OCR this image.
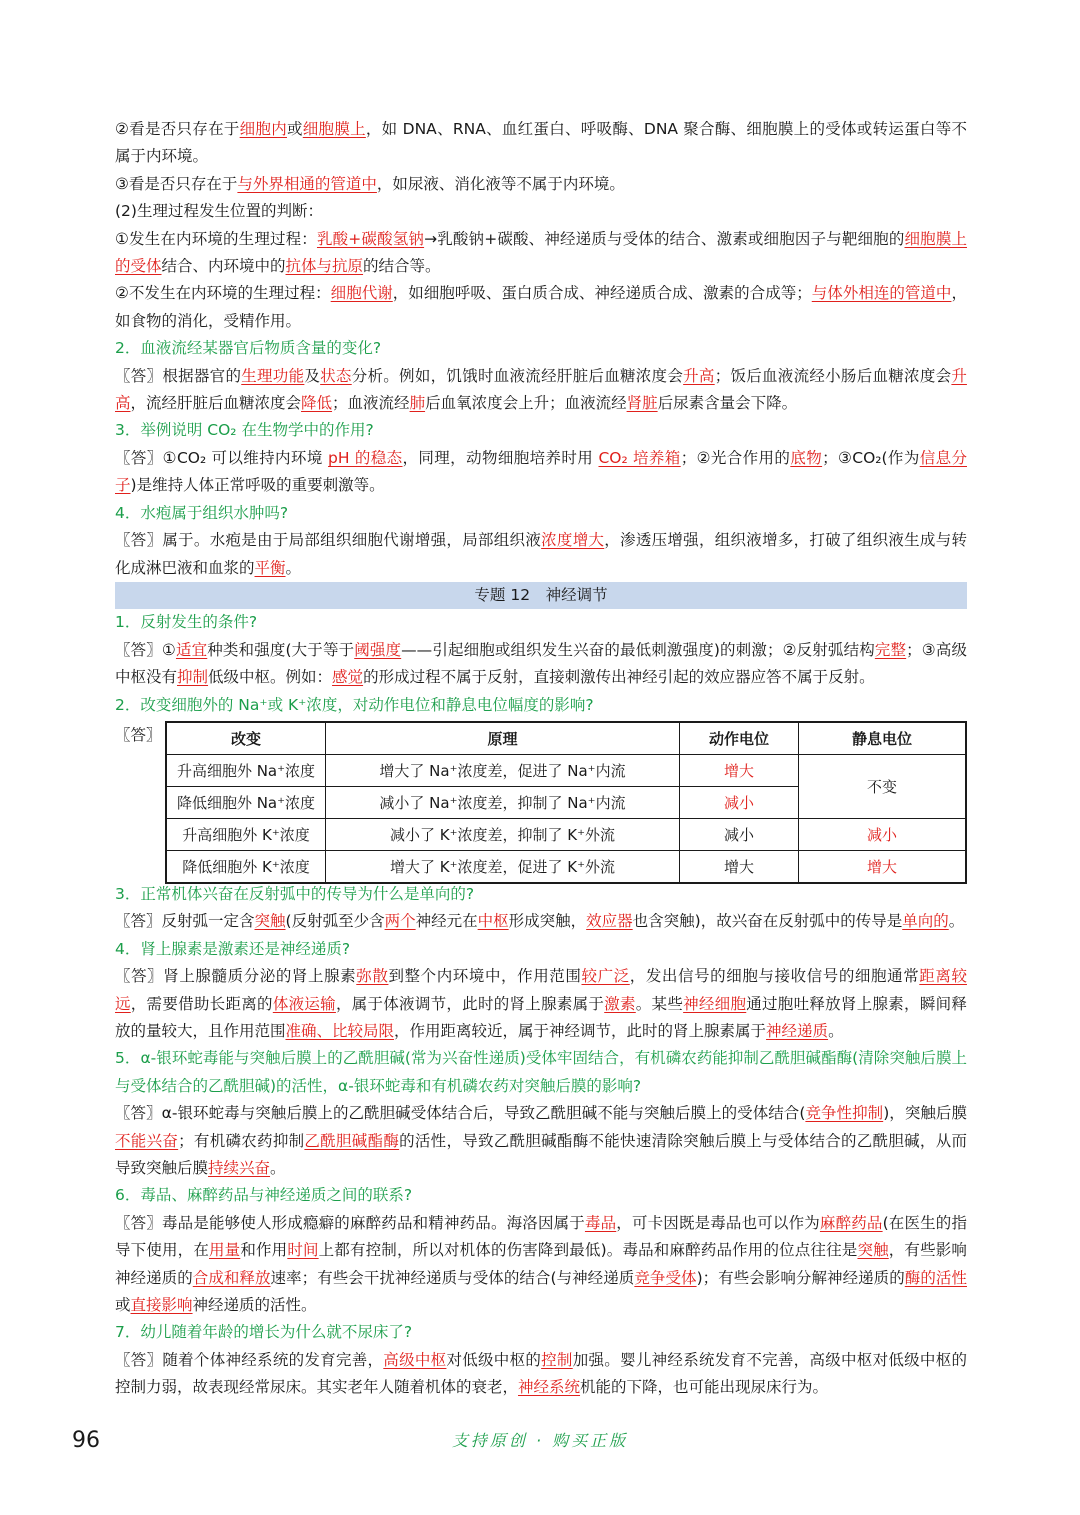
②看是否只存在于细胞内或细胞膜上，如 DNA、RNA、血红蛋白、呼吸酶、DNA 聚合酶、细胞膜上的受体或转运蛋白等不属于内环境。

③看是否只存在于与外界相通的管道中，如尿液、消化液等不属于内环境。

(2)生理过程发生位置的判断：

①发生在内环境的生理过程：乳酸+碳酸氢钠→乳酸钠+碳酸、神经递质与受体的结合、激素或细胞因子与靶细胞的细胞膜上的受体结合、内环境中的抗体与抗原的结合等。

②不发生在内环境的生理过程：细胞代谢，如细胞呼吸、蛋白质合成、神经递质合成、激素的合成等；与体外相连的管道中，如食物的消化，受精作用。

2．血液流经某器官后物质含量的变化?

〖答〗根据器官的生理功能及状态分析。例如，饥饿时血液流经肝脏后血糖浓度会升高；饭后血液流经小肠后血糖浓度会升高，流经肝脏后血糖浓度会降低；血液流经肺后血氧浓度会上升；血液流经肾脏后尿素含量会下降。

3．举例说明 CO₂ 在生物学中的作用?

〖答〗①CO₂ 可以维持内环境 pH 的稳态，同理，动物细胞培养时用 CO₂ 培养箱；②光合作用的底物；③CO₂(作为信息分子)是维持人体正常呼吸的重要刺激等。

4．水疱属于组织水肿吗?

〖答〗属于。水疱是由于局部组织细胞代谢增强，局部组织液浓度增大，渗透压增强，组织液增多，打破了组织液生成与转化成淋巴液和血浆的平衡。

专题 12　神经调节
1．反射发生的条件?

〖答〗①适宜种类和强度(大于等于阈强度——引起细胞或组织发生兴奋的最低刺激强度)的刺激；②反射弧结构完整；③高级中枢没有抑制低级中枢。例如：感觉的形成过程不属于反射，直接刺激传出神经引起的效应器应答不属于反射。

2．改变细胞外的 Na⁺或 K⁺浓度，对动作电位和静息电位幅度的影响?
〖答〗	改变	原理	动作电位	静息电位
升高细胞外 Na⁺浓度	增大了 Na⁺浓度差，促进了 Na⁺内流	增大	不变
降低细胞外 Na⁺浓度	减小了 Na⁺浓度差，抑制了 Na⁺内流	减小	
升高细胞外 K⁺浓度	减小了 K⁺浓度差，抑制了 K⁺外流	减小	减小
降低细胞外 K⁺浓度	增大了 K⁺浓度差，促进了 K⁺外流	增大	增大
3．正常机体兴奋在反射弧中的传导为什么是单向的?

〖答〗反射弧一定含突触(反射弧至少含两个神经元在中枢形成突触，效应器也含突触)，故兴奋在反射弧中的传导是单向的。

4．肾上腺素是激素还是神经递质?

〖答〗肾上腺髓质分泌的肾上腺素弥散到整个内环境中，作用范围较广泛，发出信号的细胞与接收信号的细胞通常距离较远，需要借助长距离的体液运输，属于体液调节，此时的肾上腺素属于激素。某些神经细胞通过胞吐释放肾上腺素，瞬间释放的量较大，且作用范围准确、比较局限，作用距离较近，属于神经调节，此时的肾上腺素属于神经递质。

5．α-银环蛇毒能与突触后膜上的乙酰胆碱(常为兴奋性递质)受体牢固结合，有机磷农药能抑制乙酰胆碱酯酶(清除突触后膜上与受体结合的乙酰胆碱)的活性，α-银环蛇毒和有机磷农药对突触后膜的影响?

〖答〗α-银环蛇毒与突触后膜上的乙酰胆碱受体结合后，导致乙酰胆碱不能与突触后膜上的受体结合(竞争性抑制)，突触后膜不能兴奋；有机磷农药抑制乙酰胆碱酯酶的活性，导致乙酰胆碱酯酶不能快速清除突触后膜上与受体结合的乙酰胆碱，从而导致突触后膜持续兴奋。

6．毒品、麻醉药品与神经递质之间的联系?

〖答〗毒品是能够使人形成瘾癖的麻醉药品和精神药品。海洛因属于毒品，可卡因既是毒品也可以作为麻醉药品(在医生的指导下使用，在用量和作用时间上都有控制，所以对机体的伤害降到最低)。毒品和麻醉药品作用的位点往往是突触，有些影响神经递质的合成和释放速率；有些会干扰神经递质与受体的结合(与神经递质竞争受体)；有些会影响分解神经递质的酶的活性或直接影响神经递质的活性。

7．幼儿随着年龄的增长为什么就不尿床了?

〖答〗随着个体神经系统的发育完善，高级中枢对低级中枢的控制加强。婴儿神经系统发育不完善，高级中枢对低级中枢的控制力弱，故表现经常尿床。其实老年人随着机体的衰老，神经系统机能的下降，也可能出现尿床行为。

96	支持原创 · 购买正版
